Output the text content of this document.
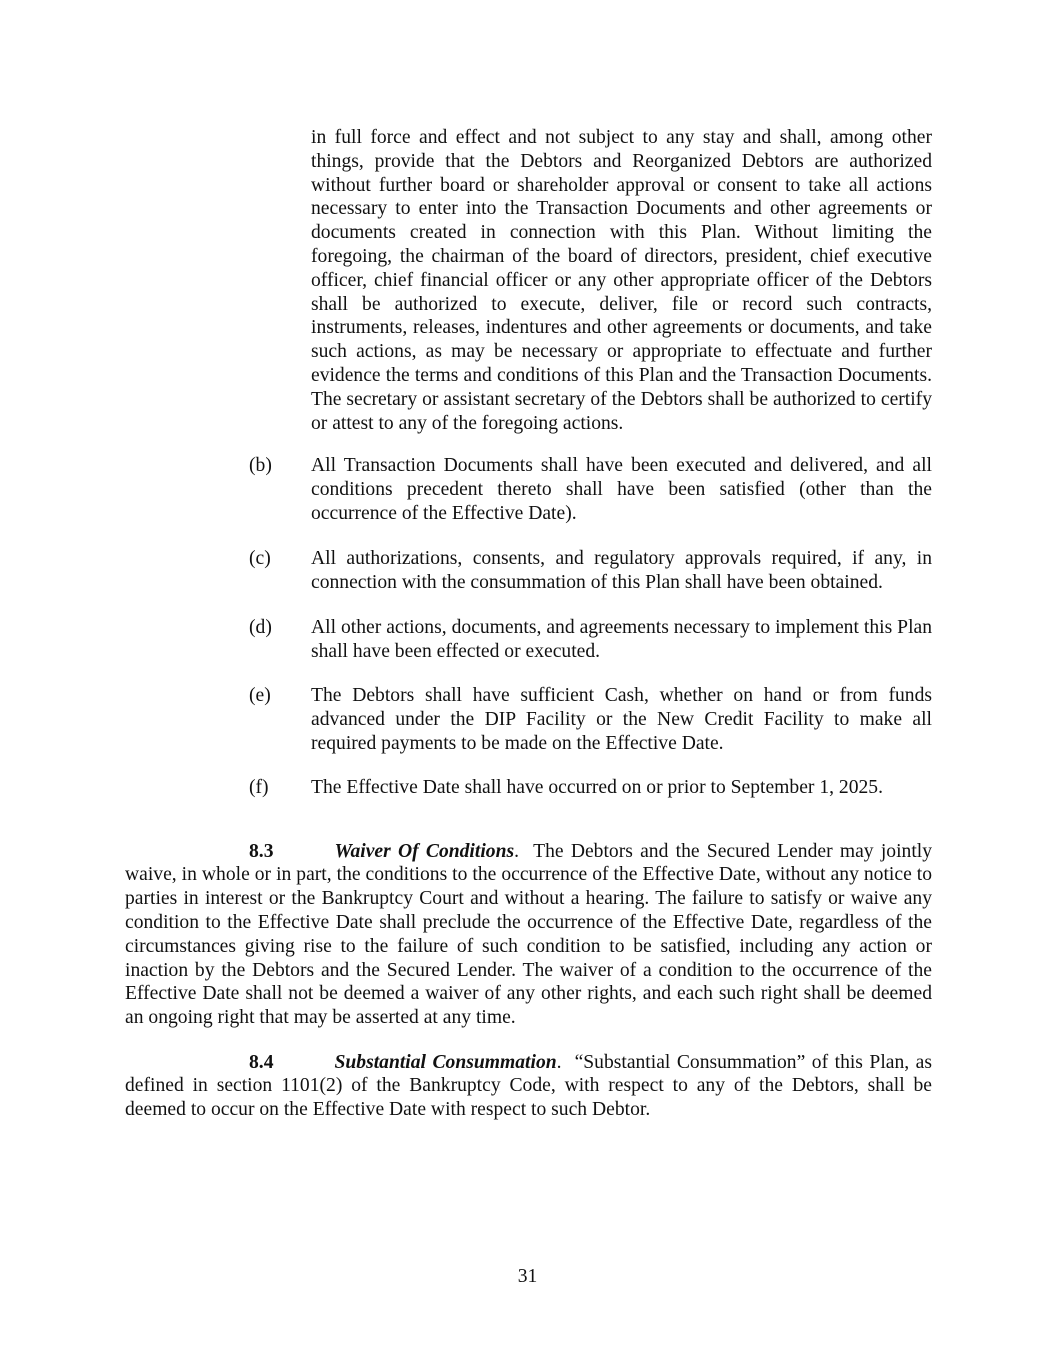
in full force and effect and not subject to any stay and shall, among other things, provide that the Debtors and Reorganized Debtors are authorized without further board or shareholder approval or consent to take all actions necessary to enter into the Transaction Documents and other agreements or documents created in connection with this Plan. Without limiting the foregoing, the chairman of the board of directors, president, chief executive officer, chief financial officer or any other appropriate officer of the Debtors shall be authorized to execute, deliver, file or record such contracts, instruments, releases, indentures and other agreements or documents, and take such actions, as may be necessary or appropriate to effectuate and further evidence the terms and conditions of this Plan and the Transaction Documents. The secretary or assistant secretary of the Debtors shall be authorized to certify or attest to any of the foregoing actions.

(b) All Transaction Documents shall have been executed and delivered, and all conditions precedent thereto shall have been satisfied (other than the occurrence of the Effective Date).
(c) All authorizations, consents, and regulatory approvals required, if any, in connection with the consummation of this Plan shall have been obtained.
(d) All other actions, documents, and agreements necessary to implement this Plan shall have been effected or executed.
(e) The Debtors shall have sufficient Cash, whether on hand or from funds advanced under the DIP Facility or the New Credit Facility to make all required payments to be made on the Effective Date.
(f) The Effective Date shall have occurred on or prior to September 1, 2025.

8.3	Waiver Of Conditions.  The Debtors and the Secured Lender may jointly waive, in whole or in part, the conditions to the occurrence of the Effective Date, without any notice to parties in interest or the Bankruptcy Court and without a hearing. The failure to satisfy or waive any condition to the Effective Date shall preclude the occurrence of the Effective Date, regardless of the circumstances giving rise to the failure of such condition to be satisfied, including any action or inaction by the Debtors and the Secured Lender. The waiver of a condition to the occurrence of the Effective Date shall not be deemed a waiver of any other rights, and each such right shall be deemed an ongoing right that may be asserted at any time.

8.4	Substantial Consummation.  “Substantial Consummation” of this Plan, as defined in section 1101(2) of the Bankruptcy Code, with respect to any of the Debtors, shall be deemed to occur on the Effective Date with respect to such Debtor.

31
